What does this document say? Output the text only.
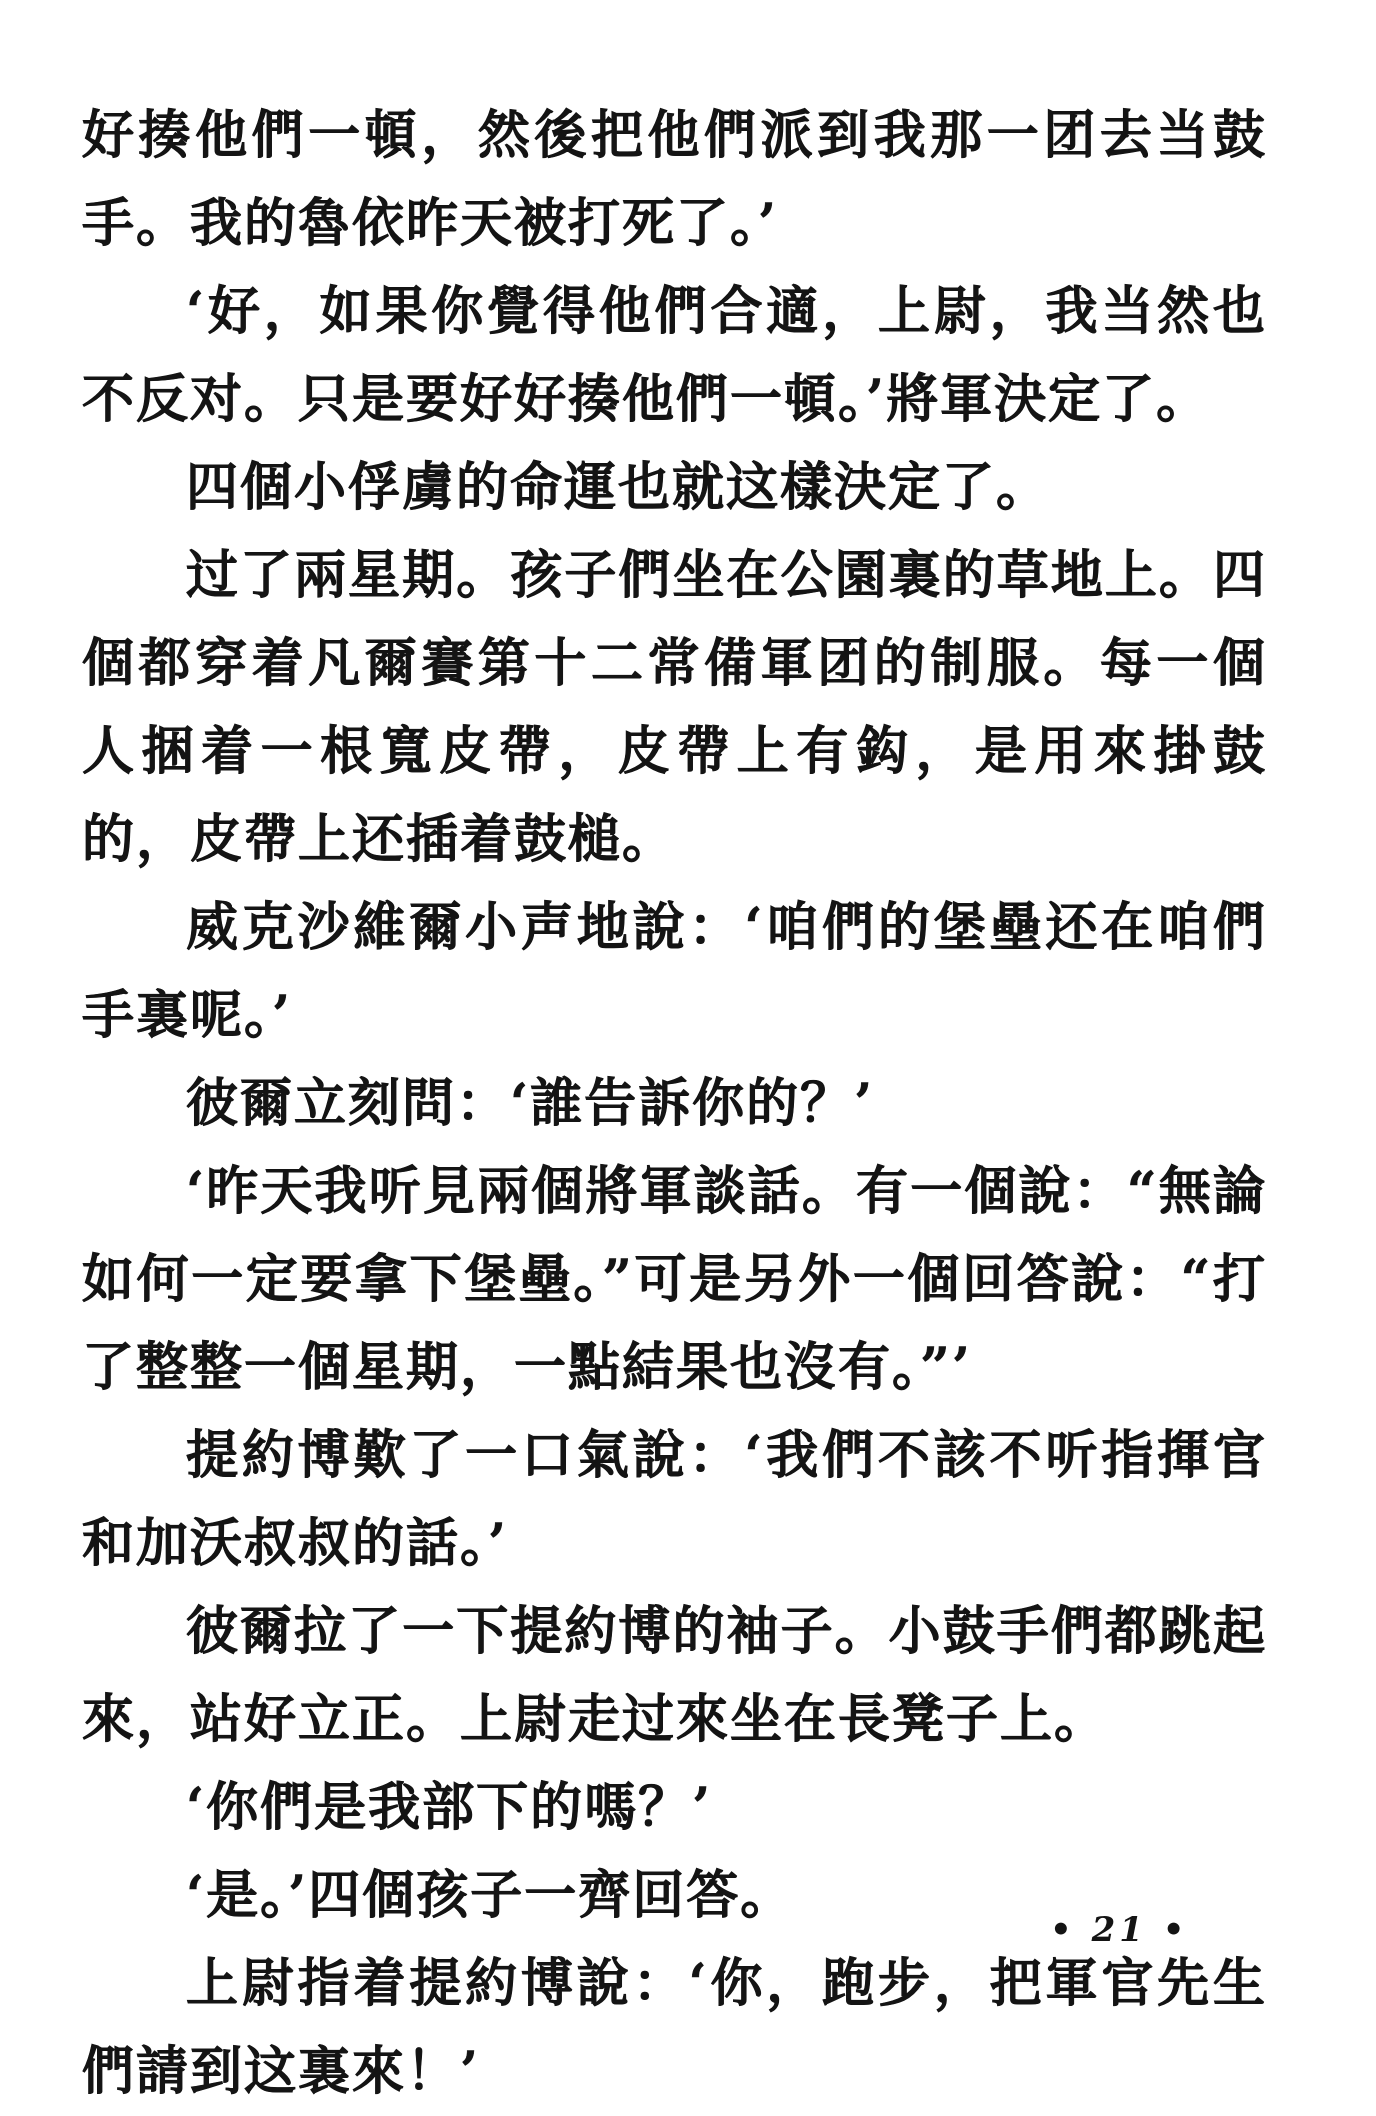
好揍他們一頓，然後把他們派到我那一团去当鼓手。我的魯依昨天被打死了。’

‘好，如果你覺得他們合適，上尉，我当然也不反对。只是要好好揍他們一頓。’將軍決定了。

四個小俘虜的命運也就这樣決定了。

过了兩星期。孩子們坐在公園裏的草地上。四個都穿着凡爾賽第十二常備軍团的制服。每一個人捆着一根寬皮帶，皮帶上有鈎，是用來掛鼓的，皮帶上还插着鼓槌。

威克沙維爾小声地說：‘咱們的堡壘还在咱們手裏呢。’

彼爾立刻問：‘誰告訴你的？’

‘昨天我听見兩個將軍談話。有一個說：“無論如何一定要拿下堡壘。”可是另外一個回答說：“打了整整一個星期，一點結果也沒有。”’

提約博歎了一口氣說：‘我們不該不听指揮官和加沃叔叔的話。’

彼爾拉了一下提約博的袖子。小鼓手們都跳起來，站好立正。上尉走过來坐在長凳子上。

‘你們是我部下的嗎？’

‘是。’四個孩子一齊回答。

上尉指着提約博說：‘你，跑步，把軍官先生們請到这裏來！’

• 21 •
